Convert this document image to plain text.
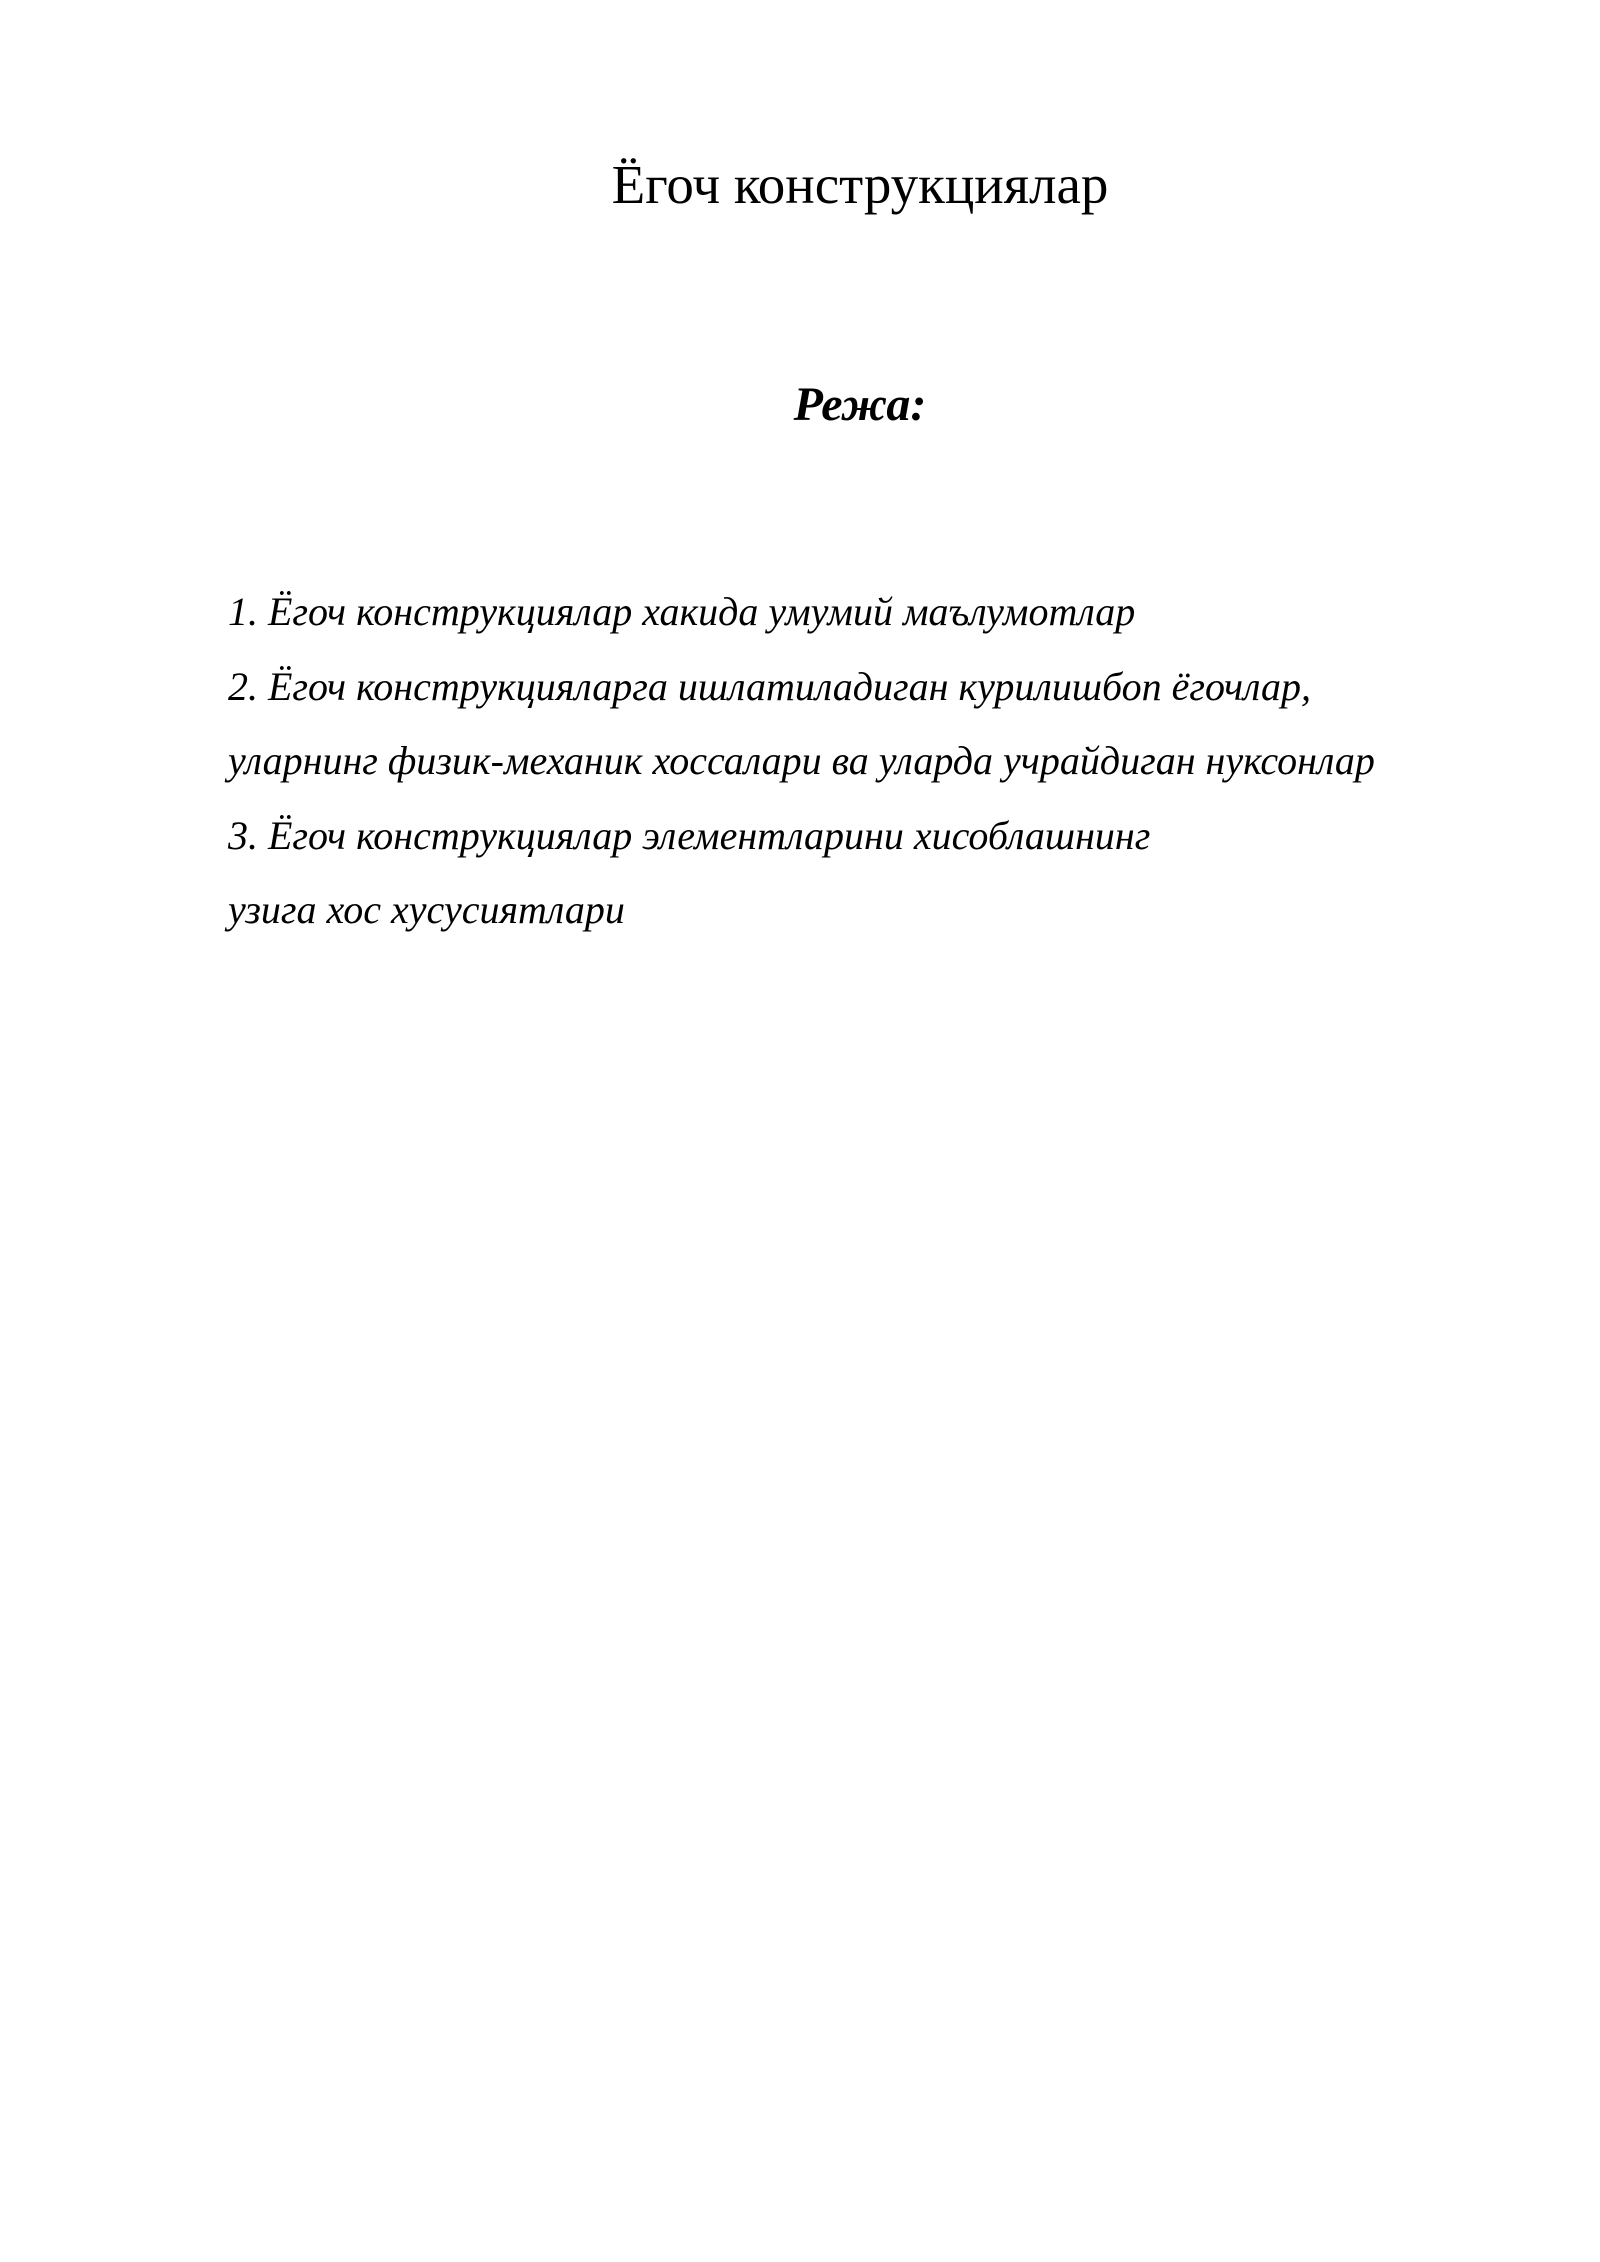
Ёгоч конструкциялар
Режа:
1. Ёгоч конструкциялар хакида умумий маълумотлар
2. Ёгоч конструкцияларга ишлатиладиган курилишбоп ёгочлар,
уларнинг физик-механик хоссалари ва уларда учрайдиган нуксонлар
3. Ёгоч конструкциялар элементларини хисоблашнинг
узига хос хусусиятлари
